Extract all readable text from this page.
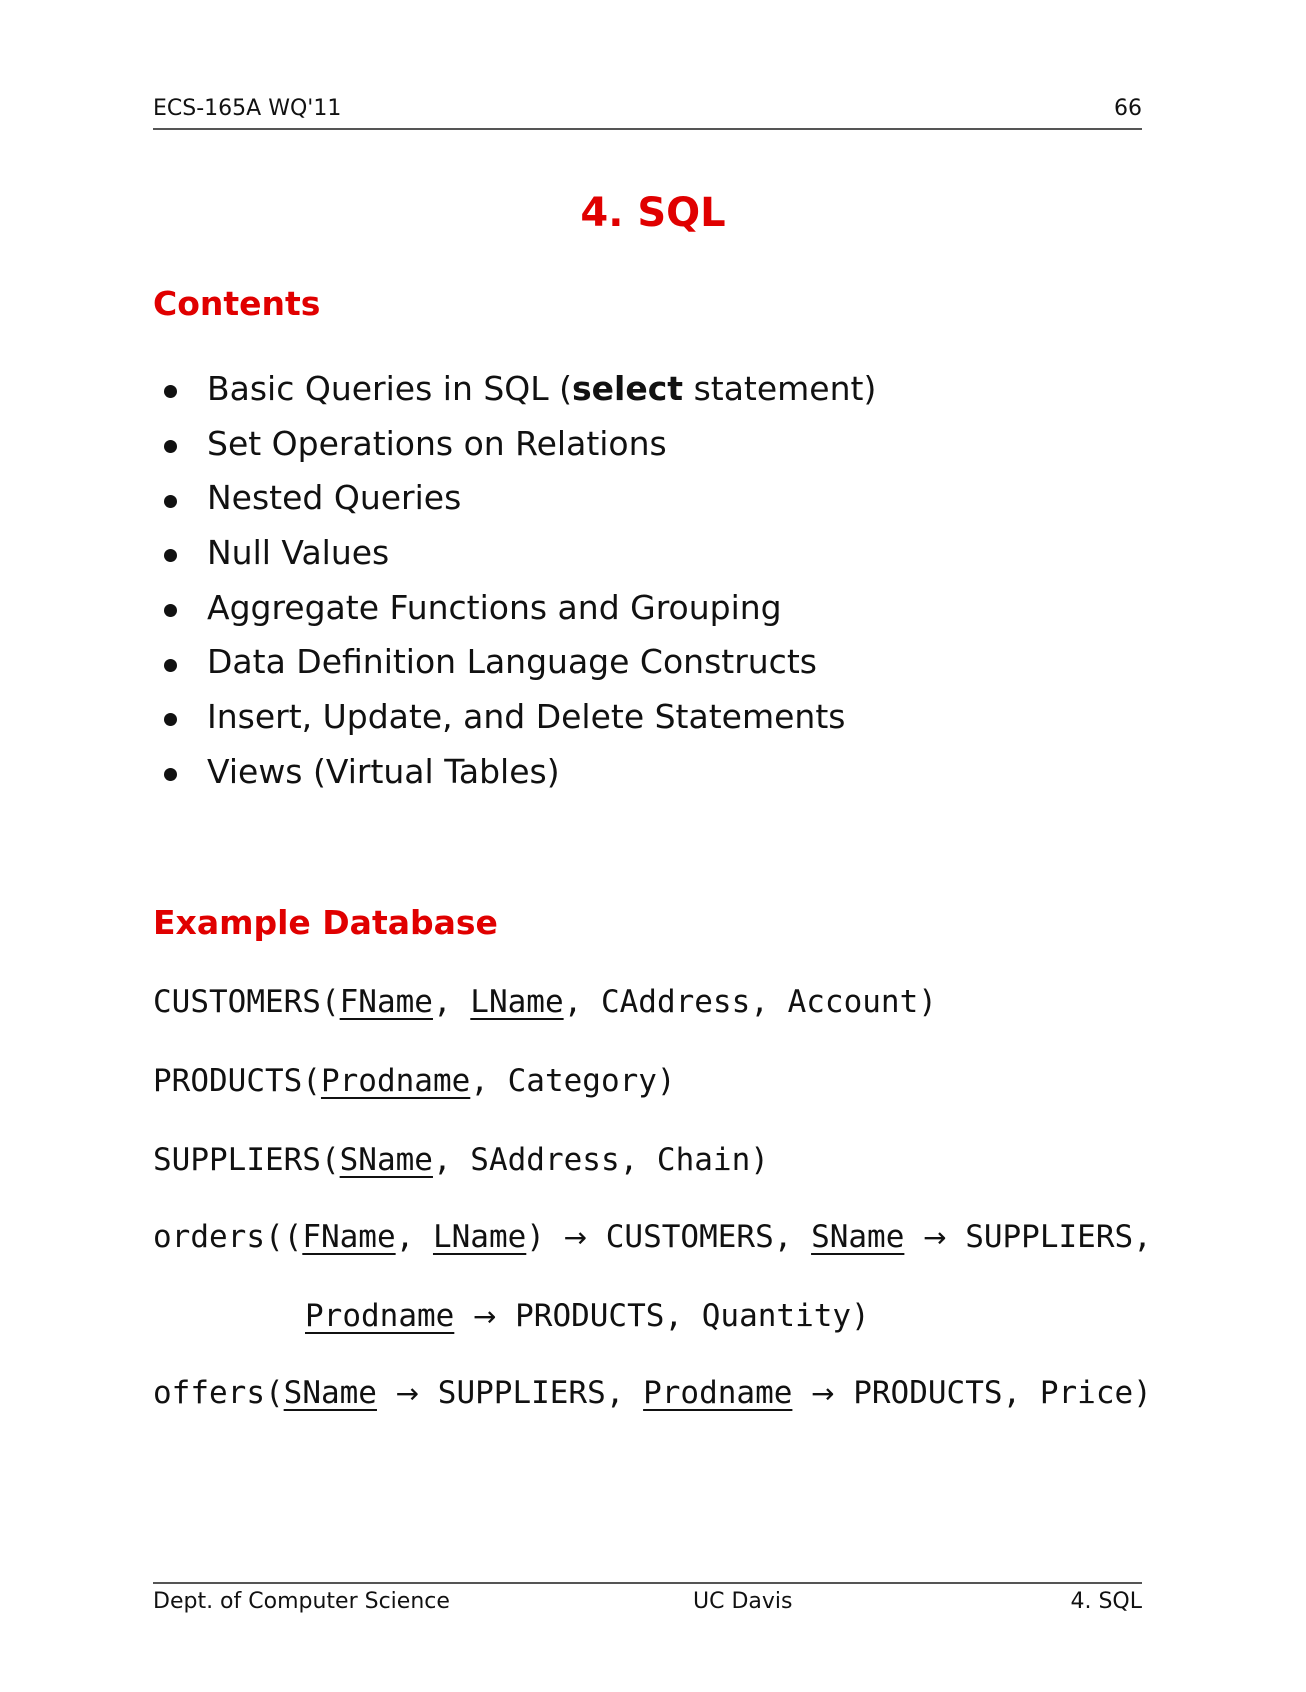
ECS-165A WQ'11	66
4. SQL
Contents
Basic Queries in SQL (select statement)
Set Operations on Relations
Nested Queries
Null Values
Aggregate Functions and Grouping
Data Definition Language Constructs
Insert, Update, and Delete Statements
Views (Virtual Tables)
Example Database
CUSTOMERS(FName, LName, CAddress, Account)
PRODUCTS(Prodname, Category)
SUPPLIERS(SName, SAddress, Chain)
orders((FName, LName) → CUSTOMERS, SName → SUPPLIERS,
Prodname → PRODUCTS, Quantity)
offers(SName → SUPPLIERS, Prodname → PRODUCTS, Price)
Dept. of Computer Science	UC Davis	4. SQL
